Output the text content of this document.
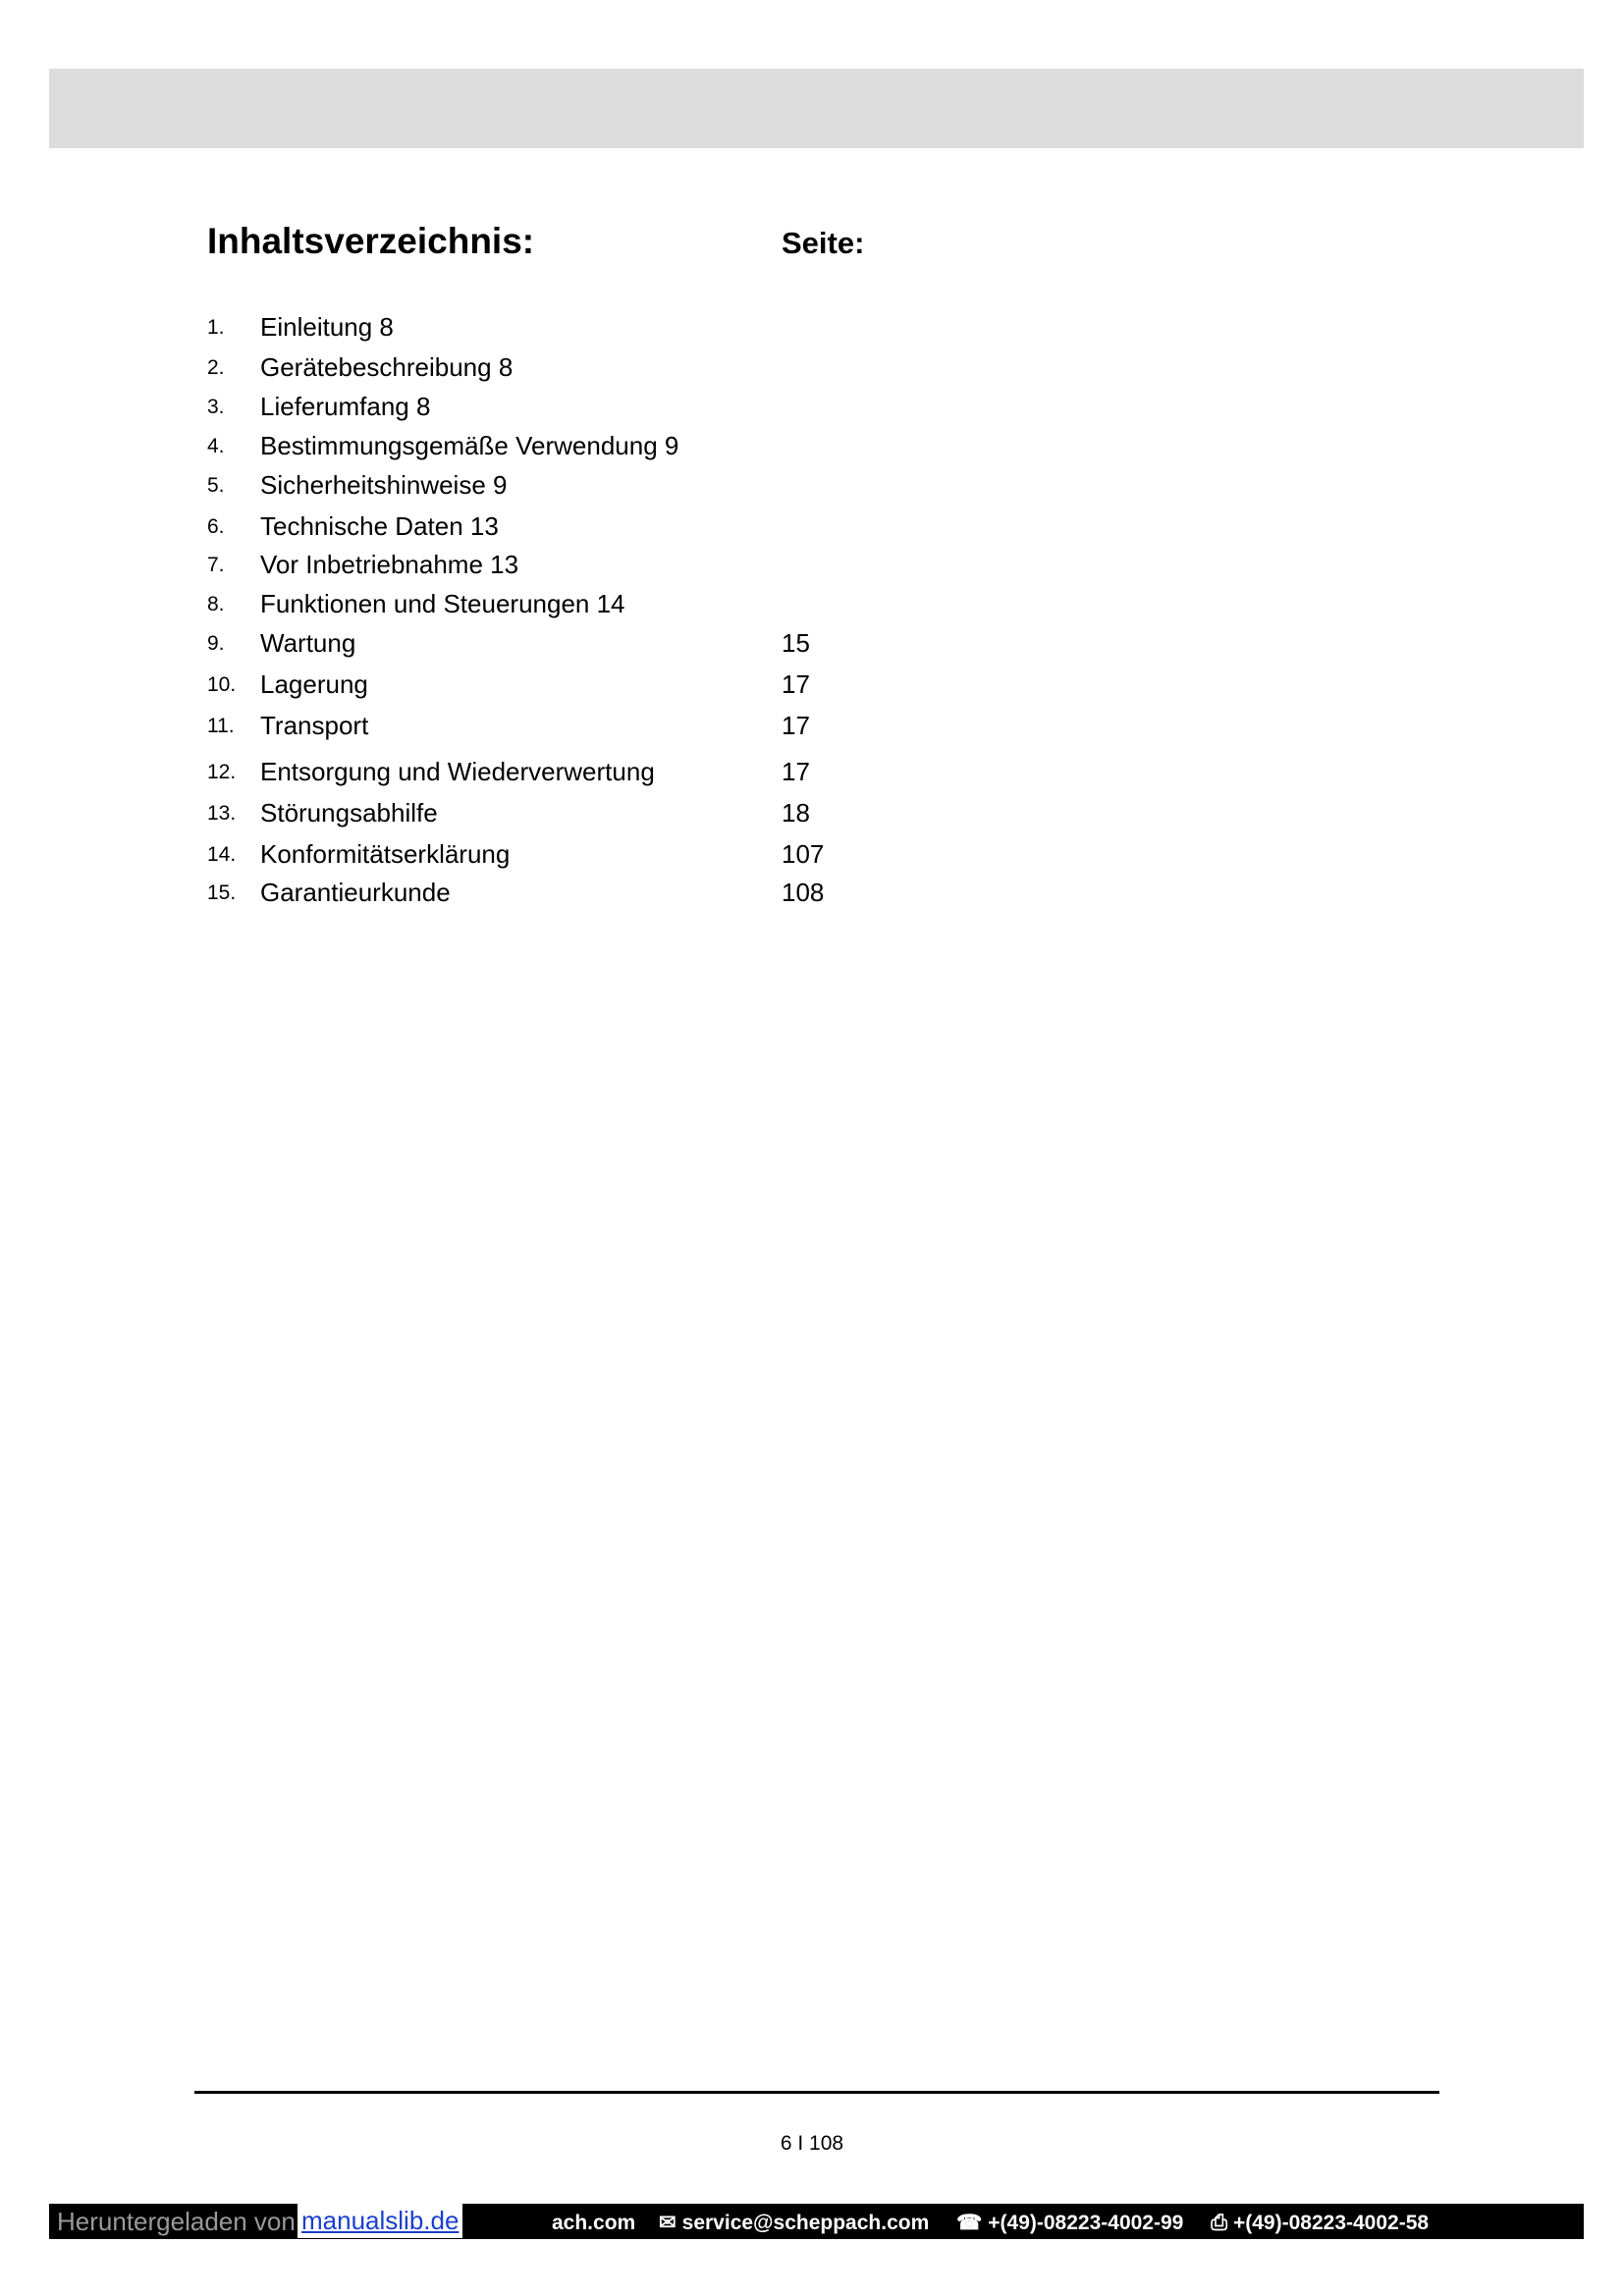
Inhaltsverzeichnis:	Seite:
1. Einleitung 8
2. Gerätebeschreibung 8
3. Lieferumfang 8
4. Bestimmungsgemäße Verwendung 9
5. Sicherheitshinweise 9
6. Technische Daten 13
7. Vor Inbetriebnahme 13
8. Funktionen und Steuerungen 14
9. Wartung	15
10. Lagerung	17
11. Transport	17
12. Entsorgung und Wiederverwertung	17
13. Störungsabhilfe	18
14. Konformitätserklärung	107
15. Garantieurkunde	108
6 I 108
Heruntergeladen von manualslib.de	ach.com ✉ service@scheppach.com ☎ +(49)-08223-4002-99 ⎙ +(49)-08223-4002-58
